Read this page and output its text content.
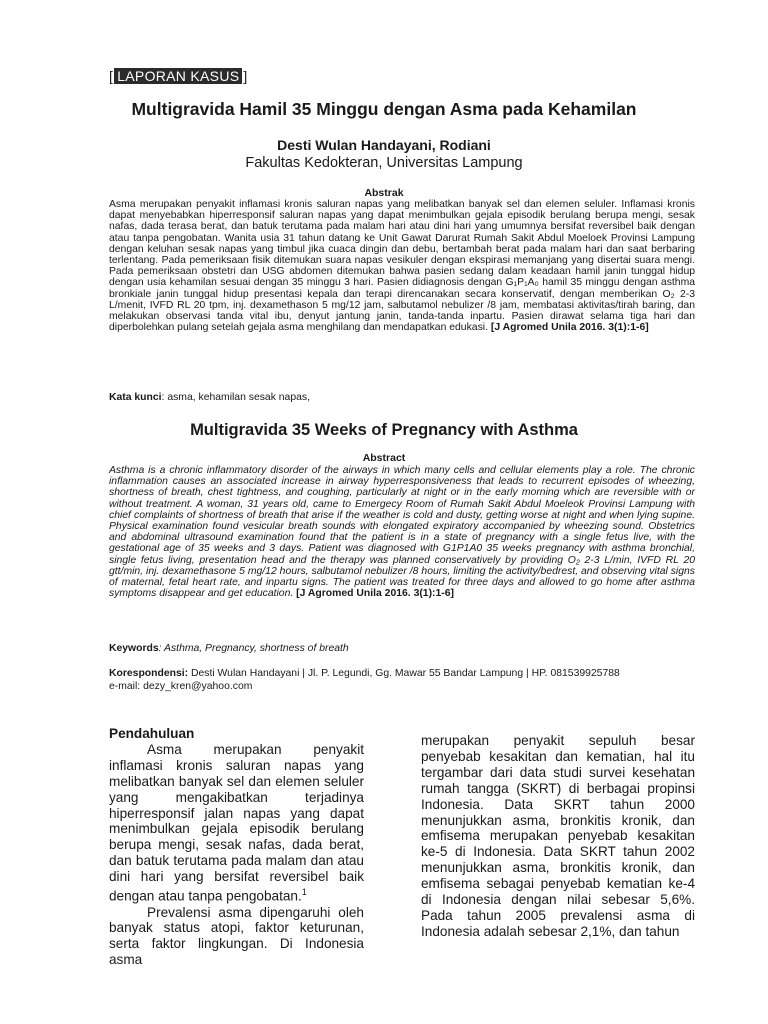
[ LAPORAN KASUS ]
Multigravida Hamil 35 Minggu dengan Asma pada Kehamilan
Desti Wulan Handayani, Rodiani
Fakultas Kedokteran, Universitas Lampung
Abstrak

Asma merupakan penyakit inflamasi kronis saluran napas yang melibatkan banyak sel dan elemen seluler. Inflamasi kronis dapat menyebabkan hiperresponsif saluran napas yang dapat menimbulkan gejala episodik berulang berupa mengi, sesak nafas, dada terasa berat, dan batuk terutama pada malam hari atau dini hari yang umumnya bersifat reversibel baik dengan atau tanpa pengobatan. Wanita usia 31 tahun datang ke Unit Gawat Darurat Rumah Sakit Abdul Moeloek Provinsi Lampung dengan keluhan sesak napas yang timbul jika cuaca dingin dan debu, bertambah berat pada malam hari dan saat berbaring terlentang. Pada pemeriksaan fisik ditemukan suara napas vesikuler dengan ekspirasi memanjang yang disertai suara mengi. Pada pemeriksaan obstetri dan USG abdomen ditemukan bahwa pasien sedang dalam keadaan hamil janin tunggal hidup dengan usia kehamilan sesuai dengan 35 minggu 3 hari. Pasien didiagnosis dengan G₁P₁A₀ hamil 35 minggu dengan asthma bronkiale janin tunggal hidup presentasi kepala dan terapi direncanakan secara konservatif, dengan memberikan O₂ 2-3 L/menit, IVFD RL 20 tpm, inj. dexamethason 5 mg/12 jam, salbutamol nebulizer /8 jam, membatasi aktivitas/tirah baring, dan melakukan observasi tanda vital ibu, denyut jantung janin, tanda-tanda inpartu. Pasien dirawat selama tiga hari dan diperbolehkan pulang setelah gejala asma menghilang dan mendapatkan edukasi. [J Agromed Unila 2016. 3(1):1-6]

Kata kunci: asma, kehamilan sesak napas,
Multigravida 35 Weeks of Pregnancy with Asthma
Abstract

Asthma is a chronic inflammatory disorder of the airways in which many cells and cellular elements play a role. The chronic inflammation causes an associated increase in airway hyperresponsiveness that leads to recurrent episodes of wheezing, shortness of breath, chest tightness, and coughing, particularly at night or in the early morning which are reversible with or without treatment. A woman, 31 years old, came to Emergecy Room of Rumah Sakit Abdul Moeleok Provinsi Lampung with chief complaints of shortness of breath that arise if the weather is cold and dusty, getting worse at night and when lying supine. Physical examination found vesicular breath sounds with elongated expiratory accompanied by wheezing sound. Obstetrics and abdominal ultrasound examination found that the patient is in a state of pregnancy with a single fetus live, with the gestational age of 35 weeks and 3 days. Patient was diagnosed with G1P1A0 35 weeks pregnancy with asthma bronchial, single fetus living, presentation head and the therapy was planned conservatively by providing O₂ 2-3 L/min, IVFD RL 20 gtt/min, inj. dexamethasone 5 mg/12 hours, salbutamol nebulizer /8 hours, limiting the activity/bedrest, and observing vital signs of maternal, fetal heart rate, and inpartu signs. The patient was treated for three days and allowed to go home after asthma symptoms disappear and get education. [J Agromed Unila 2016. 3(1):1-6]

Keywords: Asthma, Pregnancy, shortness of breath
Korespondensi: Desti Wulan Handayani | Jl. P. Legundi, Gg. Mawar 55 Bandar Lampung | HP. 081539925788
e-mail: dezy_kren@yahoo.com

Pendahuluan

Asma merupakan penyakit inflamasi kronis saluran napas yang melibatkan banyak sel dan elemen seluler yang mengakibatkan terjadinya hiperresponsif jalan napas yang dapat menimbulkan gejala episodik berulang berupa mengi, sesak nafas, dada berat, dan batuk terutama pada malam dan atau dini hari yang bersifat reversibel baik dengan atau tanpa pengobatan.$^1$

Prevalensi asma dipengaruhi oleh banyak status atopi, faktor keturunan, serta faktor lingkungan. Di Indonesia asma

merupakan penyakit sepuluh besar penyebab kesakitan dan kematian, hal itu tergambar dari data studi survei kesehatan rumah tangga (SKRT) di berbagai propinsi Indonesia. Data SKRT tahun 2000 menunjukkan asma, bronkitis kronik, dan emfisema merupakan penyebab kesakitan ke-5 di Indonesia. Data SKRT tahun 2002 menunjukkan asma, bronkitis kronik, dan emfisema sebagai penyebab kematian ke-4 di Indonesia dengan nilai sebesar 5,6%. Pada tahun 2005 prevalensi asma di Indonesia adalah sebesar 2,1%, dan tahun
